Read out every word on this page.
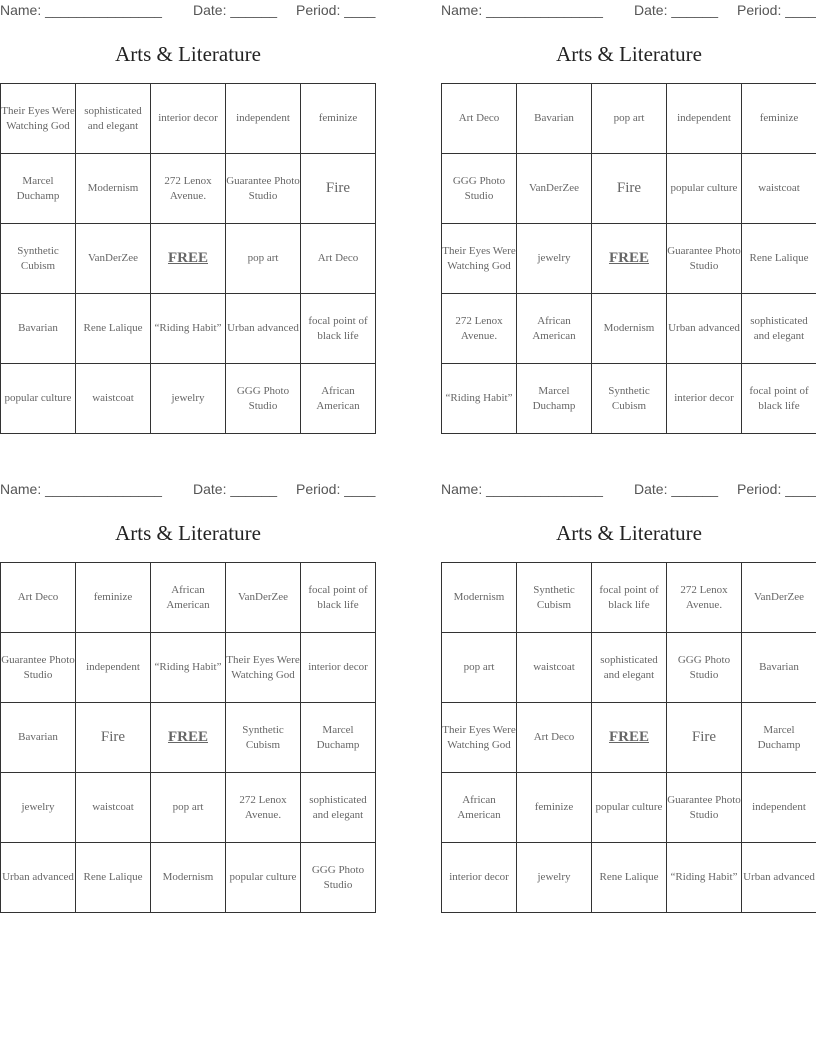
Name: _______________ Date: ______ Period: ____
Arts & Literature
Their Eyes Were Watching God	sophisticated and elegant	interior decor	independent	feminize
Marcel Duchamp	Modernism	272 Lenox Avenue.	Guarantee Photo Studio	Fire
Synthetic Cubism	VanDerZee	FREE	pop art	Art Deco
Bavarian	Rene Lalique	“Riding Habit”	Urban advanced	focal point of black life
popular culture	waistcoat	jewelry	GGG Photo Studio	African American
Name: _______________ Date: ______ Period: ____
Arts & Literature
Art Deco	Bavarian	pop art	independent	feminize
GGG Photo Studio	VanDerZee	Fire	popular culture	waistcoat
Their Eyes Were Watching God	jewelry	FREE	Guarantee Photo Studio	Rene Lalique
272 Lenox Avenue.	African American	Modernism	Urban advanced	sophisticated and elegant
“Riding Habit”	Marcel Duchamp	Synthetic Cubism	interior decor	focal point of black life
Name: _______________ Date: ______ Period: ____
Arts & Literature
Art Deco	feminize	African American	VanDerZee	focal point of black life
Guarantee Photo Studio	independent	“Riding Habit”	Their Eyes Were Watching God	interior decor
Bavarian	Fire	FREE	Synthetic Cubism	Marcel Duchamp
jewelry	waistcoat	pop art	272 Lenox Avenue.	sophisticated and elegant
Urban advanced	Rene Lalique	Modernism	popular culture	GGG Photo Studio
Name: _______________ Date: ______ Period: ____
Arts & Literature
Modernism	Synthetic Cubism	focal point of black life	272 Lenox Avenue.	VanDerZee
pop art	waistcoat	sophisticated and elegant	GGG Photo Studio	Bavarian
Their Eyes Were Watching God	Art Deco	FREE	Fire	Marcel Duchamp
African American	feminize	popular culture	Guarantee Photo Studio	independent
interior decor	jewelry	Rene Lalique	“Riding Habit”	Urban advanced
